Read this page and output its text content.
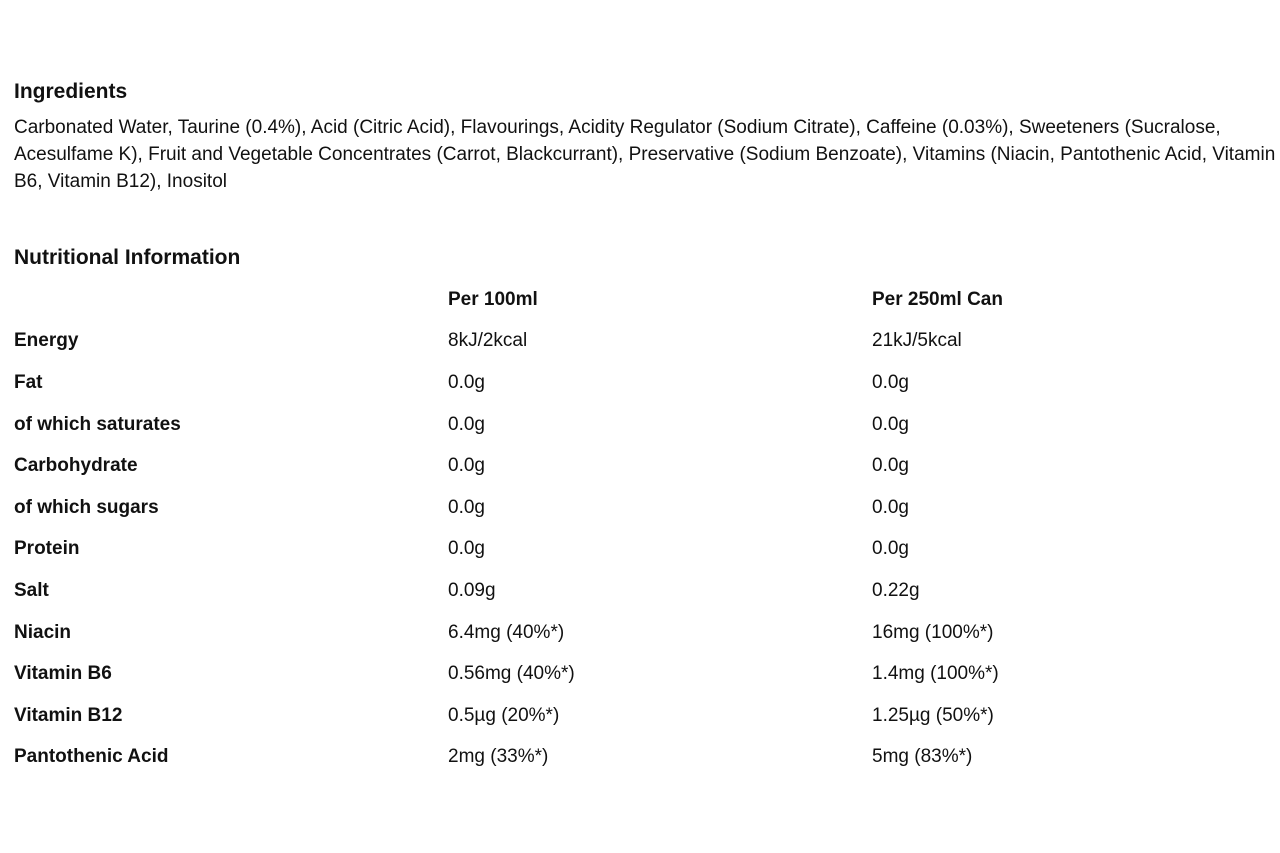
Ingredients

Carbonated Water, Taurine (0.4%), Acid (Citric Acid), Flavourings, Acidity Regulator (Sodium Citrate), Caffeine (0.03%), Sweeteners (Sucralose, Acesulfame K), Fruit and Vegetable Concentrates (Carrot, Blackcurrant), Preservative (Sodium Benzoate), Vitamins (Niacin, Pantothenic Acid, Vitamin B6, Vitamin B12), Inositol

Nutritional Information
	Per 100ml	Per 250ml Can
Energy	8kJ/2kcal	21kJ/5kcal
Fat	0.0g	0.0g
of which saturates	0.0g	0.0g
Carbohydrate	0.0g	0.0g
of which sugars	0.0g	0.0g
Protein	0.0g	0.0g
Salt	0.09g	0.22g
Niacin	6.4mg (40%*)	16mg (100%*)
Vitamin B6	0.56mg (40%*)	1.4mg (100%*)
Vitamin B12	0.5µg (20%*)	1.25µg (50%*)
Pantothenic Acid	2mg (33%*)	5mg (83%*)
